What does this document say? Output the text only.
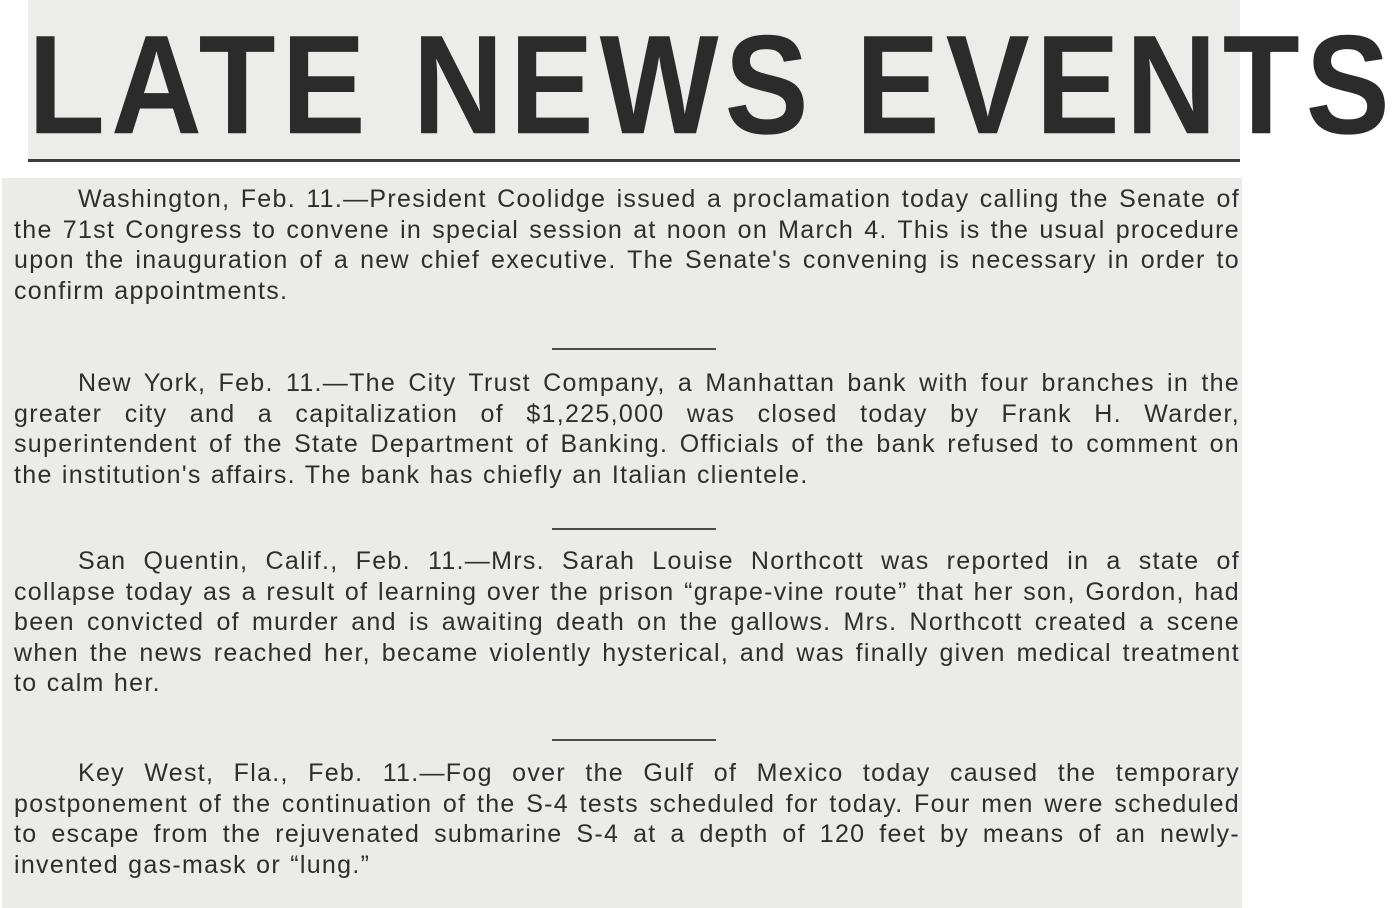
LATE NEWS EVENTS

Washington, Feb. 11.—President Coolidge issued a proclamation today calling the Senate of the 71st Congress to convene in special session at noon on March 4. This is the usual procedure upon the inauguration of a new chief executive. The Senate's convening is necessary in order to confirm appointments.

New York, Feb. 11.—The City Trust Company, a Manhattan bank with four branches in the greater city and a capitalization of $1,225,000 was closed today by Frank H. Warder, superintendent of the State Department of Banking. Officials of the bank refused to comment on the institution's affairs. The bank has chiefly an Italian clientele.

San Quentin, Calif., Feb. 11.—Mrs. Sarah Louise Northcott was reported in a state of collapse today as a result of learning over the prison “grape-vine route” that her son, Gordon, had been convicted of murder and is awaiting death on the gallows. Mrs. Northcott created a scene when the news reached her, became violently hysterical, and was finally given medical treatment to calm her.

Key West, Fla., Feb. 11.—Fog over the Gulf of Mexico today caused the temporary postponement of the continuation of the S-4 tests scheduled for today. Four men were scheduled to escape from the rejuvenated submarine S-4 at a depth of 120 feet by means of an newly-invented gas-mask or “lung.”
